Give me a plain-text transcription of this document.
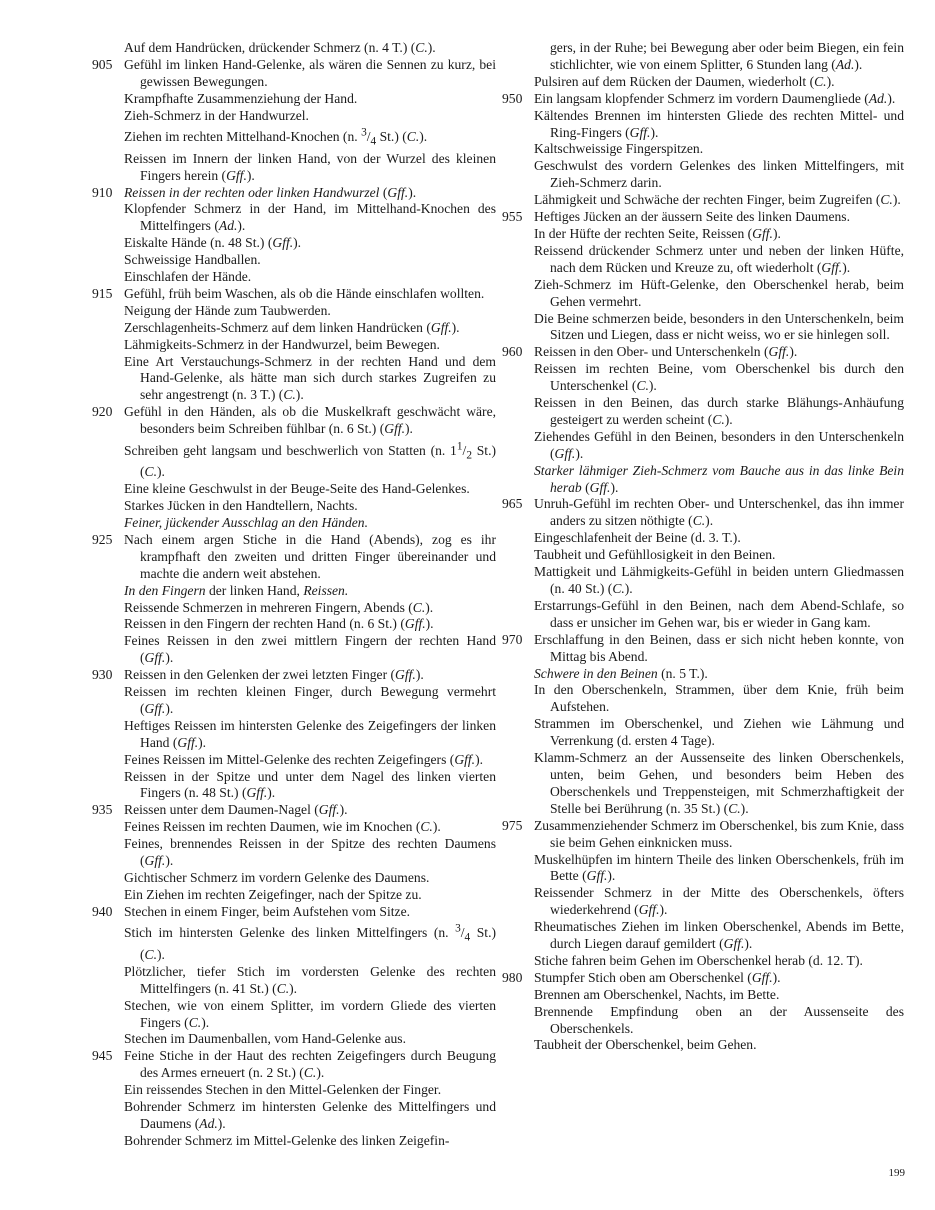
Auf dem Handrücken, drückender Schmerz (n. 4 T.) (C.).
905 Gefühl im linken Hand-Gelenke, als wären die Sennen zu kurz, bei gewissen Bewegungen.
Krampfhafte Zusammenziehung der Hand.
Zieh-Schmerz in der Handwurzel.
Ziehen im rechten Mittelhand-Knochen (n. $^3/_4$ St.) (C.).
Reissen im Innern der linken Hand, von der Wurzel des kleinen Fingers herein (Gff.).
910 Reissen in der rechten oder linken Handwurzel (Gff.).
Klopfender Schmerz in der Hand, im Mittelhand-Knochen des Mittelfingers (Ad.).
Eiskalte Hände (n. 48 St.) (Gff.).
Schweissige Handballen.
Einschlafen der Hände.
915 Gefühl, früh beim Waschen, als ob die Hände einschlafen wollten.
Neigung der Hände zum Taubwerden.
Zerschlagenheits-Schmerz auf dem linken Handrücken (Gff.).
Lähmigkeits-Schmerz in der Handwurzel, beim Bewegen.
Eine Art Verstauchungs-Schmerz in der rechten Hand und dem Hand-Gelenke, als hätte man sich durch starkes Zugreifen zu sehr angestrengt (n. 3 T.) (C.).
920 Gefühl in den Händen, als ob die Muskelkraft geschwächt wäre, besonders beim Schreiben fühlbar (n. 6 St.) (Gff.).
Schreiben geht langsam und beschwerlich von Statten (n. $1^1/_2$ St.) (C.).
Eine kleine Geschwulst in der Beuge-Seite des Hand-Gelenkes.
Starkes Jücken in den Handtellern, Nachts.
Feiner, jückender Ausschlag an den Händen.
925 Nach einem argen Stiche in die Hand (Abends), zog es ihr krampfhaft den zweiten und dritten Finger übereinander und machte die andern weit abstehen.
In den Fingern der linken Hand, Reissen.
Reissende Schmerzen in mehreren Fingern, Abends (C.).
Reissen in den Fingern der rechten Hand (n. 6 St.) (Gff.).
Feines Reissen in den zwei mittlern Fingern der rechten Hand (Gff.).
930 Reissen in den Gelenken der zwei letzten Finger (Gff.).
Reissen im rechten kleinen Finger, durch Bewegung vermehrt (Gff.).
Heftiges Reissen im hintersten Gelenke des Zeigefingers der linken Hand (Gff.).
Feines Reissen im Mittel-Gelenke des rechten Zeigefingers (Gff.).
Reissen in der Spitze und unter dem Nagel des linken vierten Fingers (n. 48 St.) (Gff.).
935 Reissen unter dem Daumen-Nagel (Gff.).
Feines Reissen im rechten Daumen, wie im Knochen (C.).
Feines, brennendes Reissen in der Spitze des rechten Daumens (Gff.).
Gichtischer Schmerz im vordern Gelenke des Daumens.
Ein Ziehen im rechten Zeigefinger, nach der Spitze zu.
940 Stechen in einem Finger, beim Aufstehen vom Sitze.
Stich im hintersten Gelenke des linken Mittelfingers (n. $^3/_4$ St.) (C.).
Plötzlicher, tiefer Stich im vordersten Gelenke des rechten Mittelfingers (n. 41 St.) (C.).
Stechen, wie von einem Splitter, im vordern Gliede des vierten Fingers (C.).
Stechen im Daumenballen, vom Hand-Gelenke aus.
945 Feine Stiche in der Haut des rechten Zeigefingers durch Beugung des Armes erneuert (n. 2 St.) (C.).
Ein reissendes Stechen in den Mittel-Gelenken der Finger.
Bohrender Schmerz im hintersten Gelenke des Mittelfingers und Daumens (Ad.).
Bohrender Schmerz im Mittel-Gelenke des linken Zeigefin-
gers, in der Ruhe; bei Bewegung aber oder beim Biegen, ein fein stichlichter, wie von einem Splitter, 6 Stunden lang (Ad.).
Pulsiren auf dem Rücken der Daumen, wiederholt (C.).
950 Ein langsam klopfender Schmerz im vordern Daumengliede (Ad.).
Kältendes Brennen im hintersten Gliede des rechten Mittel- und Ring-Fingers (Gff.).
Kaltschweissige Fingerspitzen.
Geschwulst des vordern Gelenkes des linken Mittelfingers, mit Zieh-Schmerz darin.
Lähmigkeit und Schwäche der rechten Finger, beim Zugreifen (C.).
955 Heftiges Jücken an der äussern Seite des linken Daumens.
In der Hüfte der rechten Seite, Reissen (Gff.).
Reissend drückender Schmerz unter und neben der linken Hüfte, nach dem Rücken und Kreuze zu, oft wiederholt (Gff.).
Zieh-Schmerz im Hüft-Gelenke, den Oberschenkel herab, beim Gehen vermehrt.
Die Beine schmerzen beide, besonders in den Unterschenkeln, beim Sitzen und Liegen, dass er nicht weiss, wo er sie hinlegen soll.
960 Reissen in den Ober- und Unterschenkeln (Gff.).
Reissen im rechten Beine, vom Oberschenkel bis durch den Unterschenkel (C.).
Reissen in den Beinen, das durch starke Blähungs-Anhäufung gesteigert zu werden scheint (C.).
Ziehendes Gefühl in den Beinen, besonders in den Unterschenkeln (Gff.).
Starker lähmiger Zieh-Schmerz vom Bauche aus in das linke Bein herab (Gff.).
965 Unruh-Gefühl im rechten Ober- und Unterschenkel, das ihn immer anders zu sitzen nöthigte (C.).
Eingeschlafenheit der Beine (d. 3. T.).
Taubheit und Gefühllosigkeit in den Beinen.
Mattigkeit und Lähmigkeits-Gefühl in beiden untern Gliedmassen (n. 40 St.) (C.).
Erstarrungs-Gefühl in den Beinen, nach dem Abend-Schlafe, so dass er unsicher im Gehen war, bis er wieder in Gang kam.
970 Erschlaffung in den Beinen, dass er sich nicht heben konnte, von Mittag bis Abend.
Schwere in den Beinen (n. 5 T.).
In den Oberschenkeln, Strammen, über dem Knie, früh beim Aufstehen.
Strammen im Oberschenkel, und Ziehen wie Lähmung und Verrenkung (d. ersten 4 Tage).
Klamm-Schmerz an der Aussenseite des linken Oberschenkels, unten, beim Gehen, und besonders beim Heben des Oberschenkels und Treppensteigen, mit Schmerzhaftigkeit der Stelle bei Berührung (n. 35 St.) (C.).
975 Zusammenziehender Schmerz im Oberschenkel, bis zum Knie, dass sie beim Gehen einknicken muss.
Muskelhüpfen im hintern Theile des linken Oberschenkels, früh im Bette (Gff.).
Reissender Schmerz in der Mitte des Oberschenkels, öfters wiederkehrend (Gff.).
Rheumatisches Ziehen im linken Oberschenkel, Abends im Bette, durch Liegen darauf gemildert (Gff.).
Stiche fahren beim Gehen im Oberschenkel herab (d. 12. T).
980 Stumpfer Stich oben am Oberschenkel (Gff.).
Brennen am Oberschenkel, Nachts, im Bette.
Brennende Empfindung oben an der Aussenseite des Oberschenkels.
Taubheit der Oberschenkel, beim Gehen.
199
